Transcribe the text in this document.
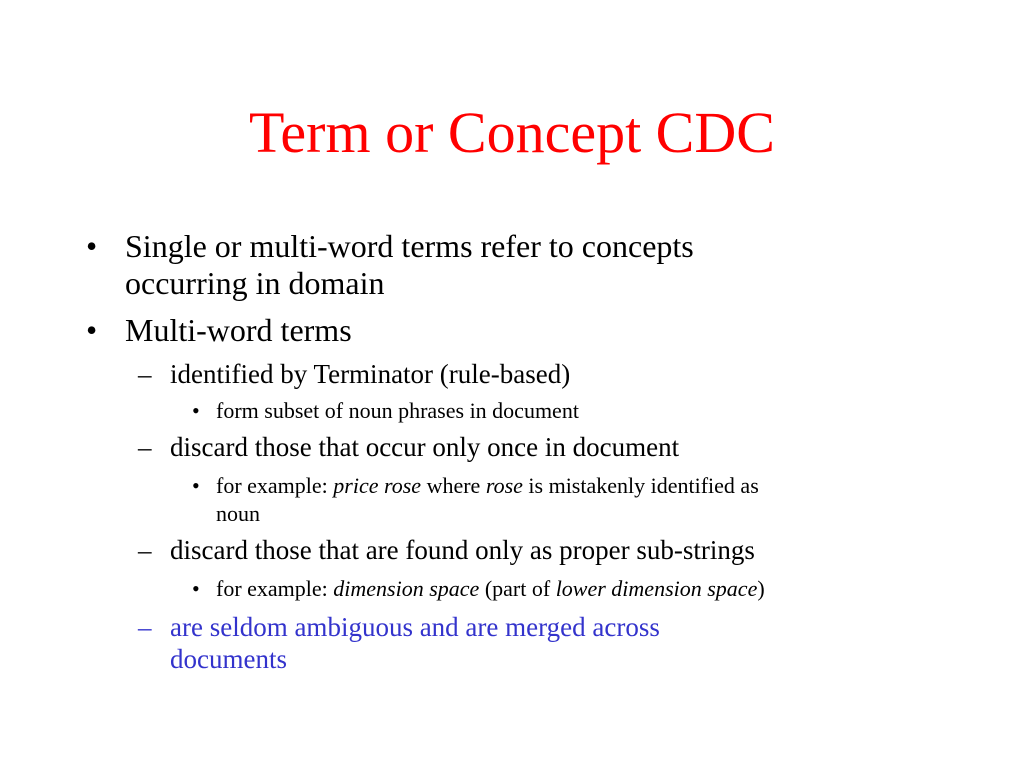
Term or Concept CDC
• Single or multi-word terms refer to concepts
occurring in domain
• Multi-word terms
– identified by Terminator (rule-based)
• form subset of noun phrases in document
– discard those that occur only once in document
• for example: price rose where rose is mistakenly identified as
noun
– discard those that are found only as proper sub-strings
• for example: dimension space (part of lower dimension space)
– are seldom ambiguous and are merged across
documents
